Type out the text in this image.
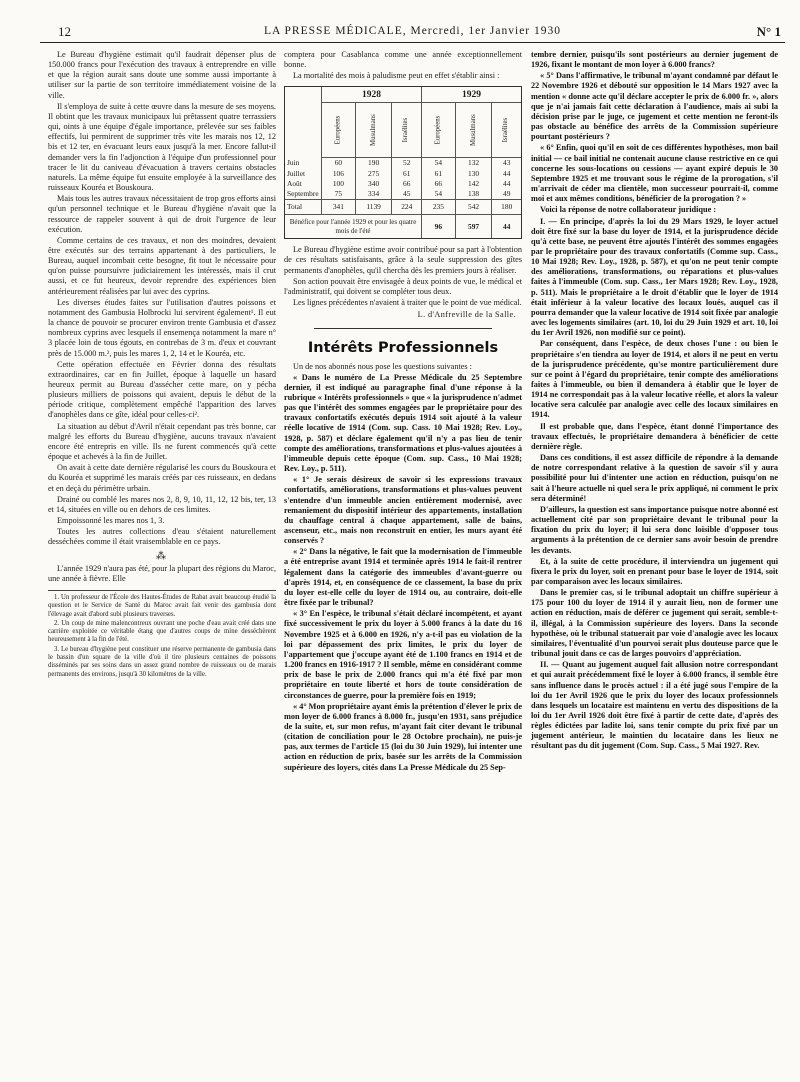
12	LA PRESSE MÉDICALE, Mercredi, 1er Janvier 1930	N° 1

Le Bureau d'hygiène estimait qu'il faudrait dépenser plus de 150.000 francs pour l'exécution des travaux à entreprendre en ville et que la région aurait sans doute une somme aussi importante à utiliser sur la partie de son territoire immédiatement voisine de la ville.

Il s'employa de suite à cette œuvre dans la mesure de ses moyens. Il obtint que les travaux municipaux lui prêtassent quatre terrassiers qui, oints à une équipe d'égale importance, prélevée sur ses faibles effectifs, lui permirent de supprimer très vite les marais nos 12, 12 bis et 12 ter, en évacuant leurs eaux jusqu'à la mer. Encore fallut-il demander vers la fin l'adjonction à l'équipe d'un professionnel pour tracer le lit du caniveau d'évacuation à travers certains obstacles naturels. La même équipe fut ensuite employée à la surveillance des ruisseaux Kouréa et Bouskoura.

Mais tous les autres travaux nécessitaient de trop gros efforts ainsi qu'un personnel technique et le Bureau d'hygiène n'avait que la ressource de rappeler souvent à qui de droit l'urgence de leur exécution.

Comme certains de ces travaux, et non des moindres, devaient être exécutés sur des terrains appartenant à des particuliers, le Bureau, auquel incombait cette besogne, fit tout le nécessaire pour qu'on puisse poursuivre judiciairement les intéressés, mais il crut aussi, et ce fut heureux, devoir reprendre des expériences bien antérieurement réalisées par lui avec des cyprins.

Les diverses études faites sur l'utilisation d'autres poissons et notamment des Gambusia Holbrocki lui servirent également¹. Il eut la chance de pouvoir se procurer environ trente Gambusia et d'assez nombreux cyprins avec lesquels il ensemença notamment la mare n° 3 placée loin de tous égouts, en contrebas de 3 m. d'eux et couvrant près de 15.000 m.², puis les mares 1, 2, 14 et le Kouréa, etc.

Cette opération effectuée en Février donna des résultats extraordinaires, car en fin Juillet, époque à laquelle un hasard heureux permit au Bureau d'assécher cette mare, on y pécha plusieurs milliers de poissons qui avaient, depuis le début de la période critique, complètement empêché l'apparition des larves d'anophèles dans ce gîte, idéal pour celles-ci².

La situation au début d'Avril n'était cependant pas très bonne, car malgré les efforts du Bureau d'hygiène, aucuns travaux n'avaient encore été entrepris en ville. Ils ne furent commencés qu'à cette époque et achevés à la fin de Juillet.

On avait à cette date dernière régularisé les cours du Bouskoura et du Kouréa et supprimé les marais créés par ces ruisseaux, en dedans et en deçà du périmètre urbain.

Drainé ou comblé les mares nos 2, 8, 9, 10, 11, 12, 12 bis, ter, 13 et 14, situées en ville ou en dehors de ces limites.

Empoissonné les mares nos 1, 3.

Toutes les autres collections d'eau s'étaient naturellement desséchées comme il était vraisemblable en ce pays.

⁂

L'année 1929 n'aura pas été, pour la plupart des régions du Maroc, une année à fièvre. Elle

1. Un professeur de l'École des Hautes-Études de Rabat avait beaucoup étudié la question et le Service de Santé du Maroc avait fait venir des gambusia dont l'élevage avait d'abord subi plusieurs traverses.

2. Un coup de mine malencontreux ouvrant une poche d'eau avait créé dans une carrière exploitée ce véritable étang que d'autres coups de mine desséchèrent heureusement à la fin de l'été.

3. Le bureau d'hygiène peut constituer une réserve permanente de gambusia dans le bassin d'un square de la ville d'où il tire plusieurs centaines de poissons disséminés par ses soins dans un assez grand nombre de ruisseaux ou de marais permanents des environs, jusqu'à 30 kilomètres de la ville.

comptera pour Casablanca comme une année exceptionnellement bonne.

La mortalité des mois à paludisme peut en effet s'établir ainsi :

	1928			1929		
	Européens	Musulmans	Israélites	Européens	Musulmans	Israélites
Juin	60	190	52	54	132	43
Juillet	106	275	61	61	130	44
Août	100	340	66	66	142	44
Septembre	75	334	45	54	138	49
Total	341	1139	224	235	542	180
Bénéfice pour l'année 1929 et pour les quatre mois de l'été				96	597	44

Le Bureau d'hygiène estime avoir contribué pour sa part à l'obtention de ces résultats satisfaisants, grâce à la seule suppression des gîtes permanents d'anophèles, qu'il chercha dès les premiers jours à réaliser.

Son action pouvait être envisagée à deux points de vue, le médical et l'administratif, qui doivent se compléter tous deux.

Les lignes précédentes n'avaient à traiter que le point de vue médical.

L. d'Anfreville de la Salle.
Intérêts Professionnels

Un de nos abonnés nous pose les questions suivantes :

« Dans le numéro de La Presse Médicale du 25 Septembre dernier, il est indiqué au paragraphe final d'une réponse à la rubrique « Intérêts professionnels » que « la jurisprudence n'admet pas que l'intérêt des sommes engagées par le propriétaire pour des travaux confortatifs exécutés depuis 1914 soit ajouté à la valeur réelle locative de 1914 (Com. sup. Cass. 10 Mai 1928; Rev. Loy., 1928, p. 587) et déclare également qu'il n'y a pas lieu de tenir compte des améliorations, transformations et plus-values ajoutées à l'immeuble depuis cette époque (Com. sup. Cass., 10 Mai 1928; Rev. Loy., p. 511).

« 1° Je serais désireux de savoir si les expressions travaux confortatifs, améliorations, transformations et plus-values peuvent s'entendre d'un immeuble ancien entièrement modernisé, avec remaniement du dispositif intérieur des appartements, installation du chauffage central à chaque appartement, salle de bains, ascenseur, etc., mais non reconstruit en entier, les murs ayant été conservés ?

« 2° Dans la négative, le fait que la modernisation de l'immeuble a été entreprise avant 1914 et terminée après 1914 le fait-il rentrer légalement dans la catégorie des immeubles d'avant-guerre ou d'après 1914, et, en conséquence de ce classement, la base du prix du loyer est-elle celle du loyer de 1914 ou, au contraire, doit-elle être fixée par le tribunal?

« 3° En l'espèce, le tribunal s'était déclaré incompétent, et ayant fixé successivement le prix du loyer à 5.000 francs à la date du 16 Novembre 1925 et à 6.000 en 1926, n'y a-t-il pas eu violation de la loi par dépassement des prix limites, le prix du loyer de l'appartement que j'occupe ayant été de 1.100 francs en 1914 et de 1.200 francs en 1916-1917 ? Il semble, même en considérant comme prix de base le prix de 2.000 francs qui m'a été fixé par mon propriétaire en toute liberté et hors de toute considération de circonstances de guerre, pour la première fois en 1919;

« 4° Mon propriétaire ayant émis la prétention d'élever le prix de mon loyer de 6.000 francs à 8.000 fr., jusqu'en 1931, sans préjudice de la suite, et, sur mon refus, m'ayant fait citer devant le tribunal (citation de conciliation pour le 28 Octobre prochain), ne puis-je pas, aux termes de l'article 15 (loi du 30 Juin 1929), lui intenter une action en réduction de prix, basée sur les arrêts de la Commission supérieure des loyers, cités dans La Presse Médicale du 25 Sep-

tembre dernier, puisqu'ils sont postérieurs au dernier jugement de 1926, fixant le montant de mon loyer à 6.000 francs?

« 5° Dans l'affirmative, le tribunal m'ayant condamné par défaut le 22 Novembre 1926 et débouté sur opposition le 14 Mars 1927 avec la mention « donne acte qu'il déclare accepter le prix de 6.000 fr. », alors que je n'ai jamais fait cette déclaration à l'audience, mais ai subi la décision prise par le juge, ce jugement et cette mention ne feront-ils pas obstacle au bénéfice des arrêts de la Commission supérieure pourtant postérieurs ?

« 6° Enfin, quoi qu'il en soit de ces différentes hypothèses, mon bail initial — ce bail initial ne contenait aucune clause restrictive en ce qui concerne les sous-locations ou cessions — ayant expiré depuis le 30 Septembre 1925 et me trouvant sous le régime de la prorogation, s'il m'arrivait de céder ma clientèle, mon successeur pourrait-il, comme moi et aux mêmes conditions, bénéficier de la prorogation ? »

Voici la réponse de notre collaborateur juridique :

I. — En principe, d'après la loi du 29 Mars 1929, le loyer actuel doit être fixé sur la base du loyer de 1914, et la jurisprudence décide qu'à cette base, ne peuvent être ajoutés l'intérêt des sommes engagées par le propriétaire pour des travaux confortatifs (Comme sup. Cass., 10 Mai 1928; Rev. Loy., 1928, p. 587), et qu'on ne peut tenir compte des améliorations, transformations, ou réparations et plus-values faites à l'immeuble (Com. sup. Cass., 1er Mars 1928; Rev. Loy., 1928, p. 511). Mais le propriétaire a le droit d'établir que le loyer de 1914 était inférieur à la valeur locative des locaux loués, auquel cas il pourra demander que la valeur locative de 1914 soit fixée par analogie avec les logements similaires (art. 10, loi du 29 Juin 1929 et art. 10, loi du 1er Avril 1926, non modifié sur ce point).

Par conséquent, dans l'espèce, de deux choses l'une : ou bien le propriétaire s'en tiendra au loyer de 1914, et alors il ne peut en vertu de la jurisprudence précédente, qu'se montre particulièrement dure sur ce point à l'égard du propriétaire, tenir compte des améliorations faites à l'immeuble, ou bien il demandera à établir que le loyer de 1914 ne correspondait pas à la valeur locative réelle, et alors la valeur locative sera calculée par analogie avec celle des locaux similaires en 1914.

Il est probable que, dans l'espèce, étant donné l'importance des travaux effectués, le propriétaire demandera à bénéficier de cette dernière règle.

Dans ces conditions, il est assez difficile de répondre à la demande de notre correspondant relative à la question de savoir s'il y aura possibilité pour lui d'intenter une action en réduction, puisqu'on ne sait à l'heure actuelle ni quel sera le prix appliqué, ni comment le prix sera déterminé!

D'ailleurs, la question est sans importance puisque notre abonné est actuellement cité par son propriétaire devant le tribunal pour la fixation du prix du loyer; il lui sera donc loisible d'opposer tous arguments à la prétention de ce dernier sans avoir besoin de prendre les devants.

Et, à la suite de cette procédure, il interviendra un jugement qui fixera le prix du loyer, soit en prenant pour base le loyer de 1914, soit par comparaison avec les locaux similaires.

Dans le premier cas, si le tribunal adoptait un chiffre supérieur à 175 pour 100 du loyer de 1914 il y aurait lieu, non de former une action en réduction, mais de déférer ce jugement qui serait, semble-t-il, illégal, à la Commission supérieure des loyers. Dans la seconde hypothèse, où le tribunal statuerait par voie d'analogie avec les locaux similaires, l'éventualité d'un pourvoi serait plus douteuse parce que le tribunal jouit dans ce cas de larges pouvoirs d'appréciation.

II. — Quant au jugement auquel fait allusion notre correspondant et qui aurait précédemment fixé le loyer à 6.000 francs, il semble être sans influence dans le procès actuel : il a été jugé sous l'empire de la loi du 1er Avril 1926 que le prix du loyer des locaux professionnels dans lesquels un locataire est maintenu en vertu des dispositions de la loi du 1er Avril 1926 doit être fixé à partir de cette date, d'après des règles édictées par ladite loi, sans tenir compte du prix fixé par un jugement antérieur, le maintien du locataire dans les lieux ne résultant pas du dit jugement (Com. Sup. Cass., 5 Mai 1927. Rev.
